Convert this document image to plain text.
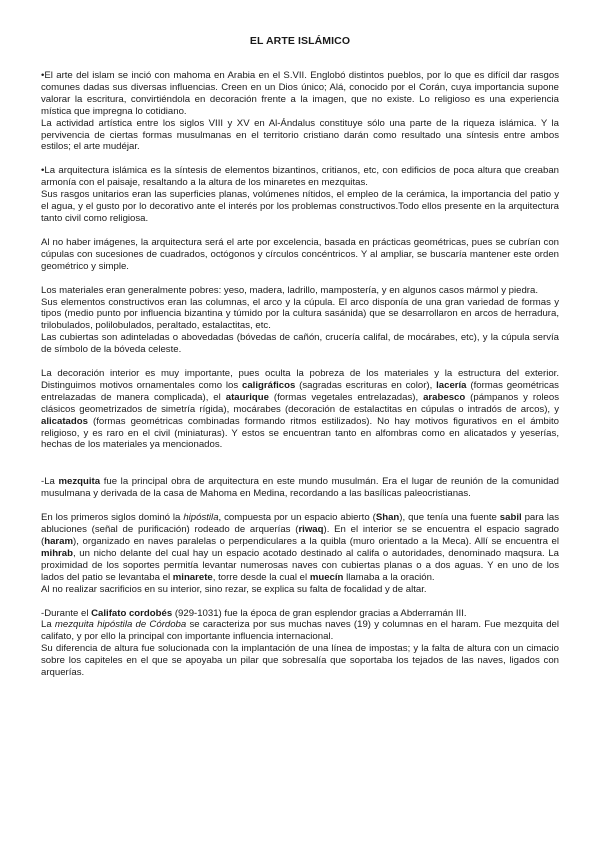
EL ARTE ISLÁMICO

•El arte del islam se inció con mahoma en Arabia en el S.VII. Englobó distintos pueblos, por lo que es difícil dar rasgos comunes dadas sus diversas influencias. Creen en un Dios único; Alá, conocido por el Corán, cuya importancia supone valorar la escritura, convirtiéndola en decoración frente a la imagen, que no existe. Lo religioso es una experiencia mística que impregna lo cotidiano.

La actividad artística entre los siglos VIII y XV en Al-Ándalus constituye sólo una parte de la riqueza islámica. Y la pervivencia de ciertas formas musulmanas en el territorio cristiano darán como resultado una síntesis entre ambos estilos; el arte mudéjar.

•La arquitectura islámica es la síntesis de elementos bizantinos, critianos, etc, con edificios de poca altura que creaban armonía con el paisaje, resaltando a la altura de los minaretes en mezquitas.

Sus rasgos unitarios eran las superficies planas, volúmenes nítidos, el empleo de la cerámica, la importancia del patio y el agua, y el gusto por lo decorativo ante el interés por los problemas constructivos.Todo ellos presente en la arquitectura tanto civil como religiosa.

Al no haber imágenes, la arquitectura será el arte por excelencia, basada en prácticas geométricas, pues se cubrían con cúpulas con sucesiones de cuadrados, octógonos y círculos concéntricos. Y al ampliar, se buscaría mantener este orden geométrico y simple.

Los materiales eran generalmente pobres: yeso, madera, ladrillo, mampostería, y en algunos casos mármol y piedra.

Sus elementos constructivos eran las columnas, el arco y la cúpula. El arco disponía de una gran variedad de formas y tipos (medio punto por influencia bizantina y túmido por la cultura sasánida) que se desarrollaron en arcos de herradura, trilobulados, polilobulados, peraltado, estalactitas, etc.

Las cubiertas son adinteladas o abovedadas (bóvedas de cañón, crucería califal, de mocárabes, etc), y la cúpula servía de símbolo de la bóveda celeste.

La decoración interior es muy importante, pues oculta la pobreza de los materiales y la estructura del exterior. Distinguimos motivos ornamentales como los caligráficos (sagradas escrituras en color), lacería (formas geométricas entrelazadas de manera complicada), el ataurique (formas vegetales entrelazadas), arabesco (pámpanos y roleos clásicos geometrizados de simetría rígida), mocárabes (decoración de estalactitas en cúpulas o intradós de arcos), y alicatados (formas geométricas combinadas formando ritmos estilizados). No hay motivos figurativos en el ámbito religioso, y es raro en el civil (miniaturas). Y estos se encuentran tanto en alfombras como en alicatados y yeserías, hechas de los materiales ya mencionados.

-La mezquita fue la principal obra de arquitectura en este mundo musulmán. Era el lugar de reunión de la comunidad musulmana y derivada de la casa de Mahoma en Medina, recordando a las basílicas paleocristianas.

En los primeros siglos dominó la hipóstila, compuesta por un espacio abierto (Shan), que tenía una fuente sabil para las abluciones (señal de purificación) rodeado de arquerías (riwaq). En el interior se se encuentra el espacio sagrado (haram), organizado en naves paralelas o perpendiculares a la quibla (muro orientado a la Meca). Allí se encuentra el mihrab, un nicho delante del cual hay un espacio acotado destinado al califa o autoridades, denominado maqsura. La proximidad de los soportes permitía levantar numerosas naves con cubiertas planas o a dos aguas. Y en uno de los lados del patio se levantaba el minarete, torre desde la cual el muecín llamaba a la oración.

Al no realizar sacrificios en su interior, sino rezar, se explica su falta de focalidad y de altar.

-Durante el Califato cordobés (929-1031) fue la época de gran esplendor gracias a Abderramán III.

La mezquita hipóstila de Córdoba se caracteriza por sus muchas naves (19) y columnas en el haram. Fue mezquita del califato, y por ello la principal con importante influencia internacional.

Su diferencia de altura fue solucionada con la implantación de una línea de impostas; y la falta de altura con un cimacio sobre los capiteles en el que se apoyaba un pilar que sobresalía que soportaba los tejados de las naves, ligados con arquerías.
